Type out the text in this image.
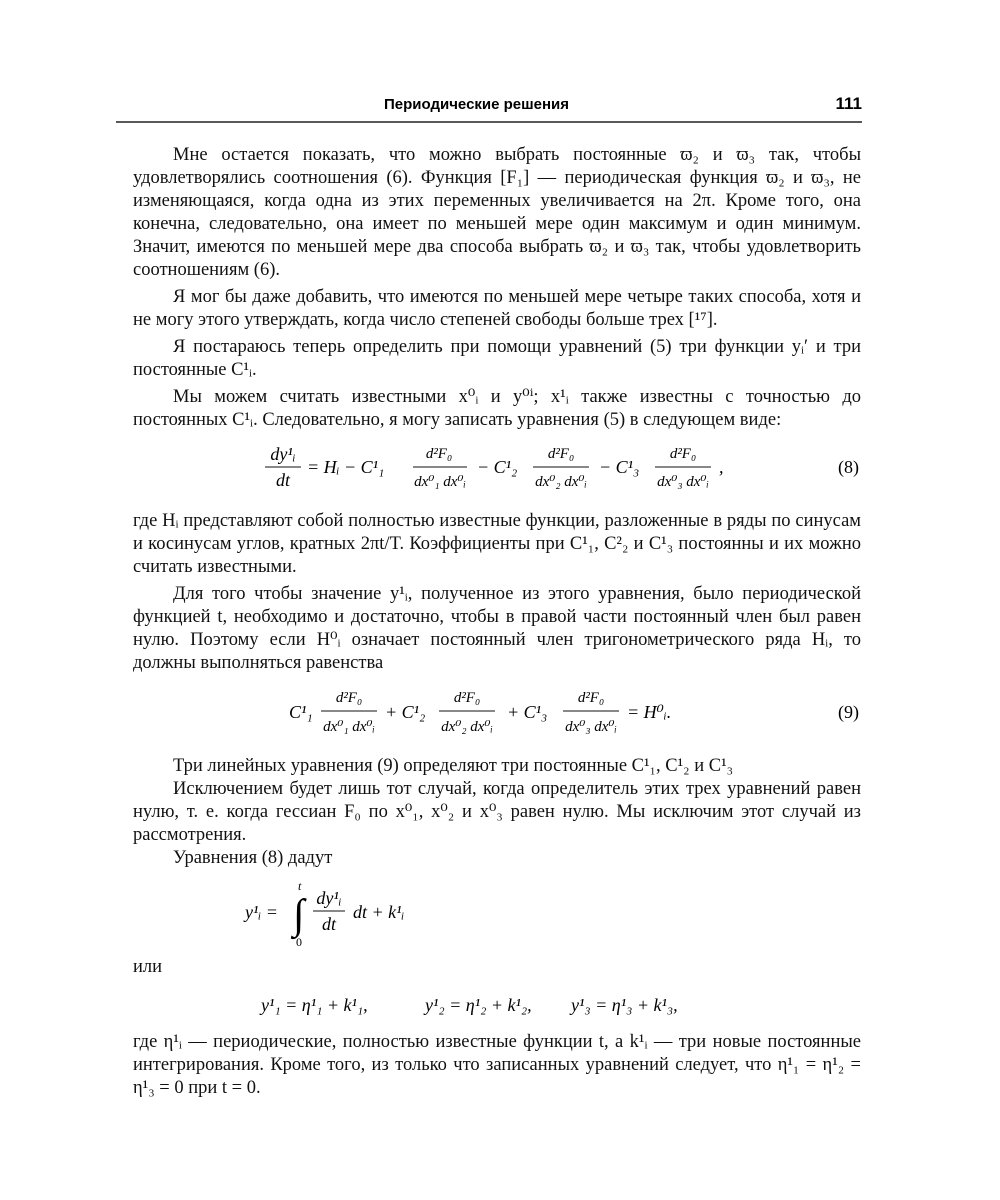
Периодические решения	111

Мне остается показать, что можно выбрать постоянные ϖ₂ и ϖ₃ так, чтобы удовлетворялись соотношения (6). Функция [F₁] — периодическая функция ϖ₂ и ϖ₃, не изменяющаяся, когда одна из этих переменных увеличивается на 2π. Кроме того, она конечна, следовательно, она имеет по меньшей мере один максимум и один минимум. Значит, имеются по меньшей мере два способа выбрать ϖ₂ и ϖ₃ так, чтобы удовлетворить соотношениям (6).

Я мог бы даже добавить, что имеются по меньшей мере четыре таких способа, хотя и не могу этого утверждать, когда число степеней свободы больше трех [¹⁷].

Я постараюсь теперь определить при помощи уравнений (5) три функции yᵢ′ и три постоянные C¹ᵢ.

Мы можем считать известными x⁰ᵢ и y⁰ⁱ; x¹ᵢ также известны с точностью до постоянных C¹ᵢ. Следовательно, я могу записать уравнения (5) в следующем виде:

dy¹ᵢ
dt
= Hᵢ − C¹₁
d²F₀
dx⁰₁ dx⁰ᵢ
− C¹₂
d²F₀
dx⁰₂ dx⁰ᵢ
− C¹₃
d²F₀
dx⁰₃ dx⁰ᵢ
,	(8)

где Hᵢ представляют собой полностью известные функции, разложенные в ряды по синусам и косинусам углов, кратных 2πt/T. Коэффициенты при C¹₁, C²₂ и C¹₃ постоянны и их можно считать известными.

Для того чтобы значение y¹ᵢ, полученное из этого уравнения, было периодической функцией t, необходимо и достаточно, чтобы в правой части постоянный член был равен нулю. Поэтому если H⁰ᵢ означает постоянный член тригонометрического ряда Hᵢ, то должны выполняться равенства

C¹₁
d²F₀
dx⁰₁ dx⁰ᵢ
+ C¹₂
d²F₀
dx⁰₂ dx⁰ᵢ
+ C¹₃
d²F₀
dx⁰₃ dx⁰ᵢ
= H⁰ᵢ.	(9)

Три линейных уравнения (9) определяют три постоянные C¹₁, C¹₂ и C¹₃

Исключением будет лишь тот случай, когда определитель этих трех уравнений равен нулю, т. е. когда гессиан F₀ по x⁰₁, x⁰₂ и x⁰₃ равен нулю. Мы исключим этот случай из рассмотрения.

Уравнения (8) дадут

y¹ᵢ = ∫
t
0
dy¹ᵢ
dt
dt + k¹ᵢ

или

y¹₁ = η¹₁ + k¹₁,	y¹₂ = η¹₂ + k¹₂, y¹₃ = η¹₃ + k¹₃,

где η¹ᵢ — периодические, полностью известные функции t, а k¹ᵢ — три новые постоянные интегрирования. Кроме того, из только что записанных уравнений следует, что η¹₁ = η¹₂ = η¹₃ = 0 при t = 0.
